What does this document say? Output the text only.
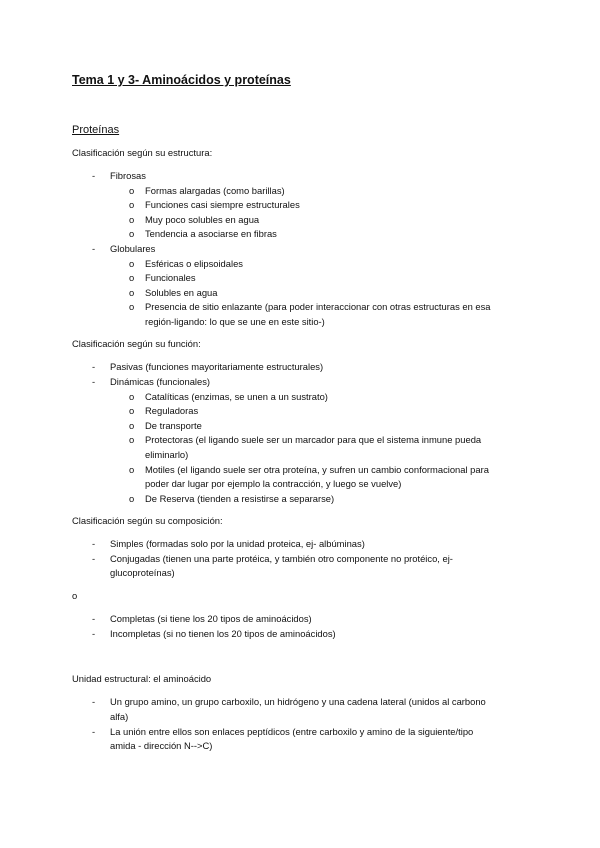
Tema 1 y 3- Aminoácidos y proteínas
Proteínas
Clasificación según su estructura:
- Fibrosas
o Formas alargadas (como barillas)
o Funciones casi siempre estructurales
o Muy poco solubles en agua
o Tendencia a asociarse en fibras
- Globulares
o Esféricas o elipsoidales
o Funcionales
o Solubles en agua
o Presencia de sitio enlazante (para poder interaccionar con otras estructuras en esa
región-ligando: lo que se une en este sitio-)
Clasificación según su función:
- Pasivas (funciones mayoritariamente estructurales)
- Dinámicas (funcionales)
o Catalíticas (enzimas, se unen a un sustrato)
o Reguladoras
o De transporte
o Protectoras (el ligando suele ser un marcador para que el sistema inmune pueda
eliminarlo)
o Motiles (el ligando suele ser otra proteína, y sufren un cambio conformacional para
poder dar lugar por ejemplo la contracción, y luego se vuelve)
o De Reserva (tienden a resistirse a separarse)
Clasificación según su composición:
- Simples (formadas solo por la unidad proteica, ej- albúminas)
- Conjugadas (tienen una parte protéica, y también otro componente no protéico, ej-
glucoproteínas)
o
- Completas (si tiene los 20 tipos de aminoácidos)
- Incompletas (si no tienen los 20 tipos de aminoácidos)
Unidad estructural: el aminoácido
- Un grupo amino, un grupo carboxilo, un hidrógeno y una cadena lateral (unidos al carbono
alfa)
- La unión entre ellos son enlaces peptídicos (entre carboxilo y amino de la siguiente/tipo
amida - dirección N-->C)
